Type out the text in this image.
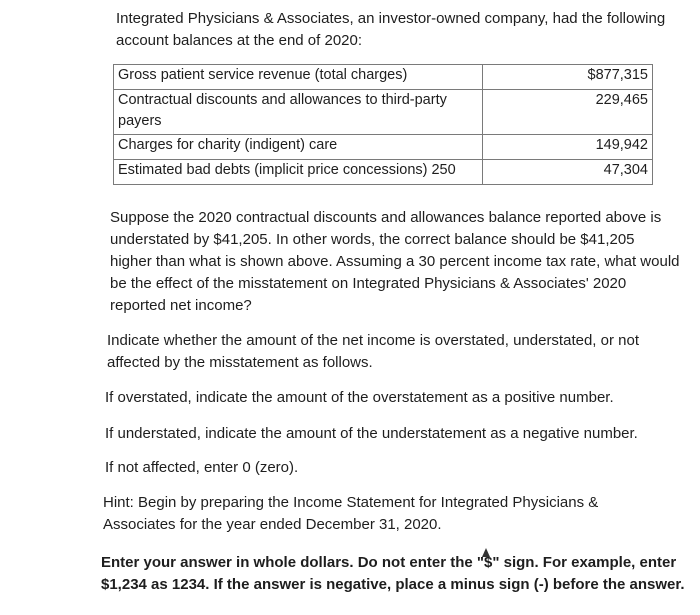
Integrated Physicians & Associates, an investor-owned company, had the following account balances at the end of 2020:

Gross patient service revenue (total charges)	$877,315
Contractual discounts and allowances to third-party payers	229,465
Charges for charity (indigent) care	149,942
Estimated bad debts (implicit price concessions) 250	47,304

Suppose the 2020 contractual discounts and allowances balance reported above is understated by $41,205. In other words, the correct balance should be $41,205 higher than what is shown above. Assuming a 30 percent income tax rate, what would be the effect of the misstatement on Integrated Physicians & Associates' 2020 reported net income?

Indicate whether the amount of the net income is overstated, understated, or not affected by the misstatement as follows.

If overstated, indicate the amount of the overstatement as a positive number.

If understated, indicate the amount of the understatement as a negative number.

If not affected, enter 0 (zero).

Hint: Begin by preparing the Income Statement for Integrated Physicians & Associates for the year ended December 31, 2020.

Enter your answer in whole dollars. Do not enter the "$" sign. For example, enter $1,234 as 1234. If the answer is negative, place a minus sign (-) before the answer.
